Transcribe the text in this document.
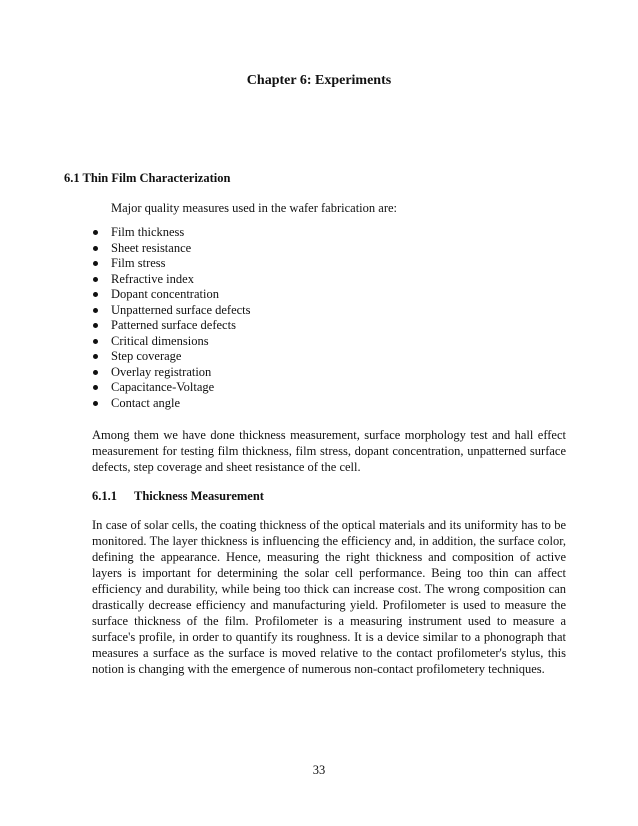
Chapter 6: Experiments
6.1 Thin Film Characterization

Major quality measures used in the wafer fabrication are:

Film thickness
Sheet resistance
Film stress
Refractive index
Dopant concentration
Unpatterned surface defects
Patterned surface defects
Critical dimensions
Step coverage
Overlay registration
Capacitance-Voltage
Contact angle

Among them we have done thickness measurement, surface morphology test and hall effect measurement for testing film thickness, film stress, dopant concentration, unpatterned surface defects, step coverage and sheet resistance of the cell.

6.1.1 Thickness Measurement

In case of solar cells, the coating thickness of the optical materials and its uniformity has to be monitored. The layer thickness is influencing the efficiency and, in addition, the surface color, defining the appearance. Hence, measuring the right thickness and composition of active layers is important for determining the solar cell performance. Being too thin can affect efficiency and durability, while being too thick can increase cost. The wrong composition can drastically decrease efficiency and manufacturing yield. Profilometer is used to measure the surface thickness of the film. Profilometer is a measuring instrument used to measure a surface's profile, in order to quantify its roughness. It is a device similar to a phonograph that measures a surface as the surface is moved relative to the contact profilometer's stylus, this notion is changing with the emergence of numerous non-contact profilometery techniques.

33
